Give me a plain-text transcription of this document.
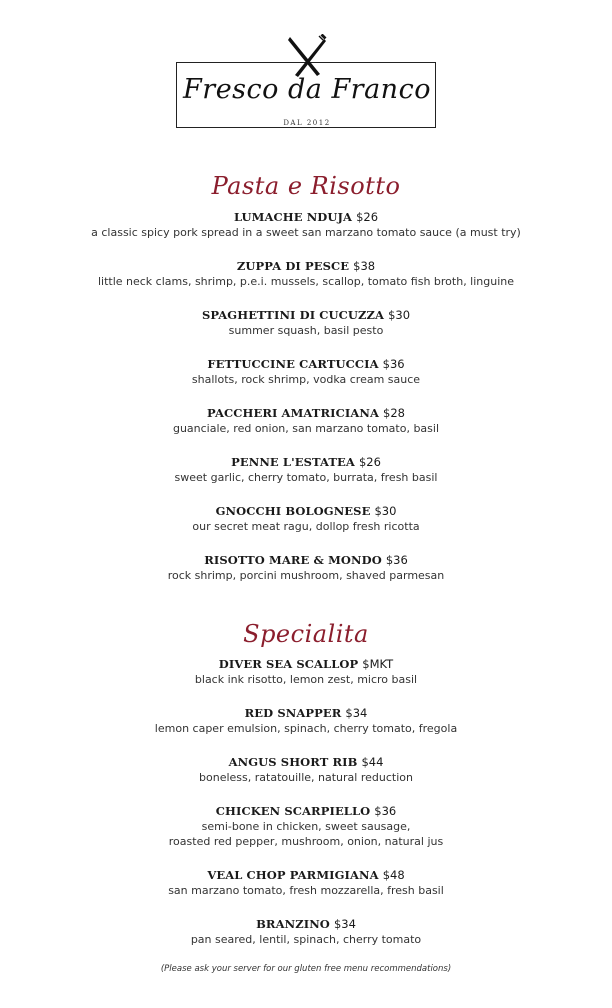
Fresco da Franco
DAL 2012
Pasta e Risotto
LUMACHE NDUJA $26
a classic spicy pork spread in a sweet san marzano tomato sauce (a must try)
ZUPPA DI PESCE $38
little neck clams, shrimp, p.e.i. mussels, scallop, tomato fish broth, linguine
SPAGHETTINI DI CUCUZZA $30
summer squash, basil pesto
FETTUCCINE CARTUCCIA $36
shallots, rock shrimp, vodka cream sauce
PACCHERI AMATRICIANA $28
guanciale, red onion, san marzano tomato, basil
PENNE L'ESTATEA $26
sweet garlic, cherry tomato, burrata, fresh basil
GNOCCHI BOLOGNESE $30
our secret meat ragu, dollop fresh ricotta
RISOTTO MARE & MONDO $36
rock shrimp, porcini mushroom, shaved parmesan
Specialita
DIVER SEA SCALLOP $MKT
black ink risotto, lemon zest, micro basil
RED SNAPPER $34
lemon caper emulsion, spinach, cherry tomato, fregola
ANGUS SHORT RIB $44
boneless, ratatouille, natural reduction
CHICKEN SCARPIELLO $36
semi-bone in chicken, sweet sausage,
roasted red pepper, mushroom, onion, natural jus
VEAL CHOP PARMIGIANA $48
san marzano tomato, fresh mozzarella, fresh basil
BRANZINO $34
pan seared, lentil, spinach, cherry tomato
(Please ask your server for our gluten free menu recommendations)
